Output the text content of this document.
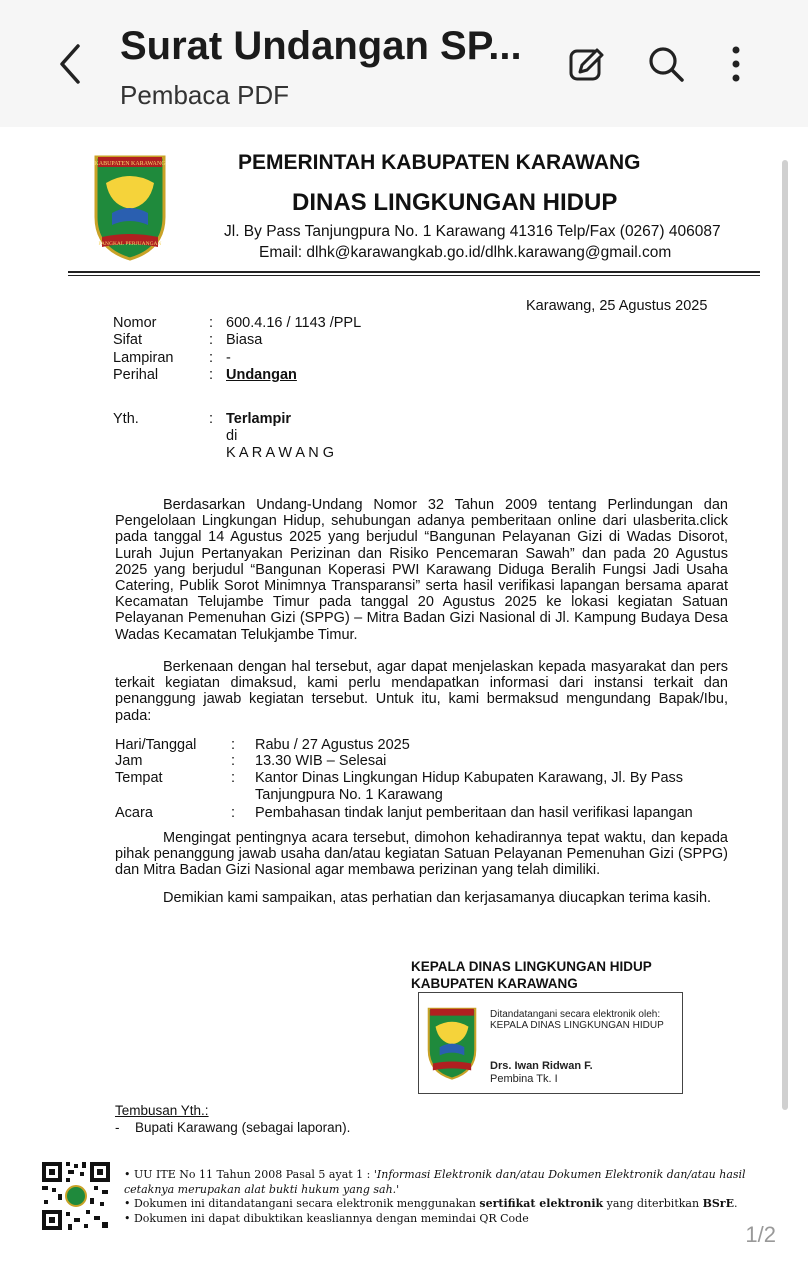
Surat Undangan SP...
Pembaca PDF
KABUPATEN KARAWANG
PANGKAL PERJUANGAN
PEMERINTAH KABUPATEN KARAWANG
DINAS LINGKUNGAN HIDUP
Jl. By Pass Tanjungpura No. 1 Karawang 41316 Telp/Fax (0267) 406087
Email: dlhk@karawangkab.go.id/dlhk.karawang@gmail.com
Karawang, 25 Agustus 2025
Nomor	: 600.4.16 / 1143 /PPL
Sifat	: Biasa
Lampiran : -
Perihal	: Undangan
Yth.	: Terlampir
di
K A R A W A N G
Berdasarkan Undang-Undang Nomor 32 Tahun 2009 tentang Perlindungan dan Pengelolaan Lingkungan Hidup, sehubungan adanya pemberitaan online dari ulasberita.click pada tanggal 14 Agustus 2025 yang berjudul “Bangunan Pelayanan Gizi di Wadas Disorot, Lurah Jujun Pertanyakan Perizinan dan Risiko Pencemaran Sawah” dan pada 20 Agustus 2025 yang berjudul “Bangunan Koperasi PWI Karawang Diduga Beralih Fungsi Jadi Usaha Catering, Publik Sorot Minimnya Transparansi” serta hasil verifikasi lapangan bersama aparat Kecamatan Telujambe Timur pada tanggal 20 Agustus 2025 ke lokasi kegiatan Satuan Pelayanan Pemenuhan Gizi (SPPG) – Mitra Badan Gizi Nasional di Jl. Kampung Budaya Desa Wadas Kecamatan Telukjambe Timur.
Berkenaan dengan hal tersebut, agar dapat menjelaskan kepada masyarakat dan pers terkait kegiatan dimaksud, kami perlu mendapatkan informasi dari instansi terkait dan penanggung jawab kegiatan tersebut. Untuk itu, kami bermaksud mengundang Bapak/Ibu, pada:
Hari/Tanggal : Rabu / 27 Agustus 2025
Jam	: 13.30 WIB – Selesai
Tempat	: Kantor Dinas Lingkungan Hidup Kabupaten Karawang, Jl. By Pass
Tanjungpura No. 1 Karawang
Acara	: Pembahasan tindak lanjut pemberitaan dan hasil verifikasi lapangan
Mengingat pentingnya acara tersebut, dimohon kehadirannya tepat waktu, dan kepada pihak penanggung jawab usaha dan/atau kegiatan Satuan Pelayanan Pemenuhan Gizi (SPPG) dan Mitra Badan Gizi Nasional agar membawa perizinan yang telah dimiliki.
Demikian kami sampaikan, atas perhatian dan kerjasamanya diucapkan terima kasih.
KEPALA DINAS LINGKUNGAN HIDUP
KABUPATEN KARAWANG
Ditandatangani secara elektronik oleh:
KEPALA DINAS LINGKUNGAN HIDUP
Drs. Iwan Ridwan F.
Pembina Tk. I
Tembusan Yth.:
- Bupati Karawang (sebagai laporan).
• UU ITE No 11 Tahun 2008 Pasal 5 ayat 1 : 'Informasi Elektronik dan/atau Dokumen Elektronik dan/atau hasil
cetaknya merupakan alat bukti hukum yang sah.'
• Dokumen ini ditandatangani secara elektronik menggunakan sertifikat elektronik yang diterbitkan BSrE.
• Dokumen ini dapat dibuktikan keasliannya dengan memindai QR Code
1/2
